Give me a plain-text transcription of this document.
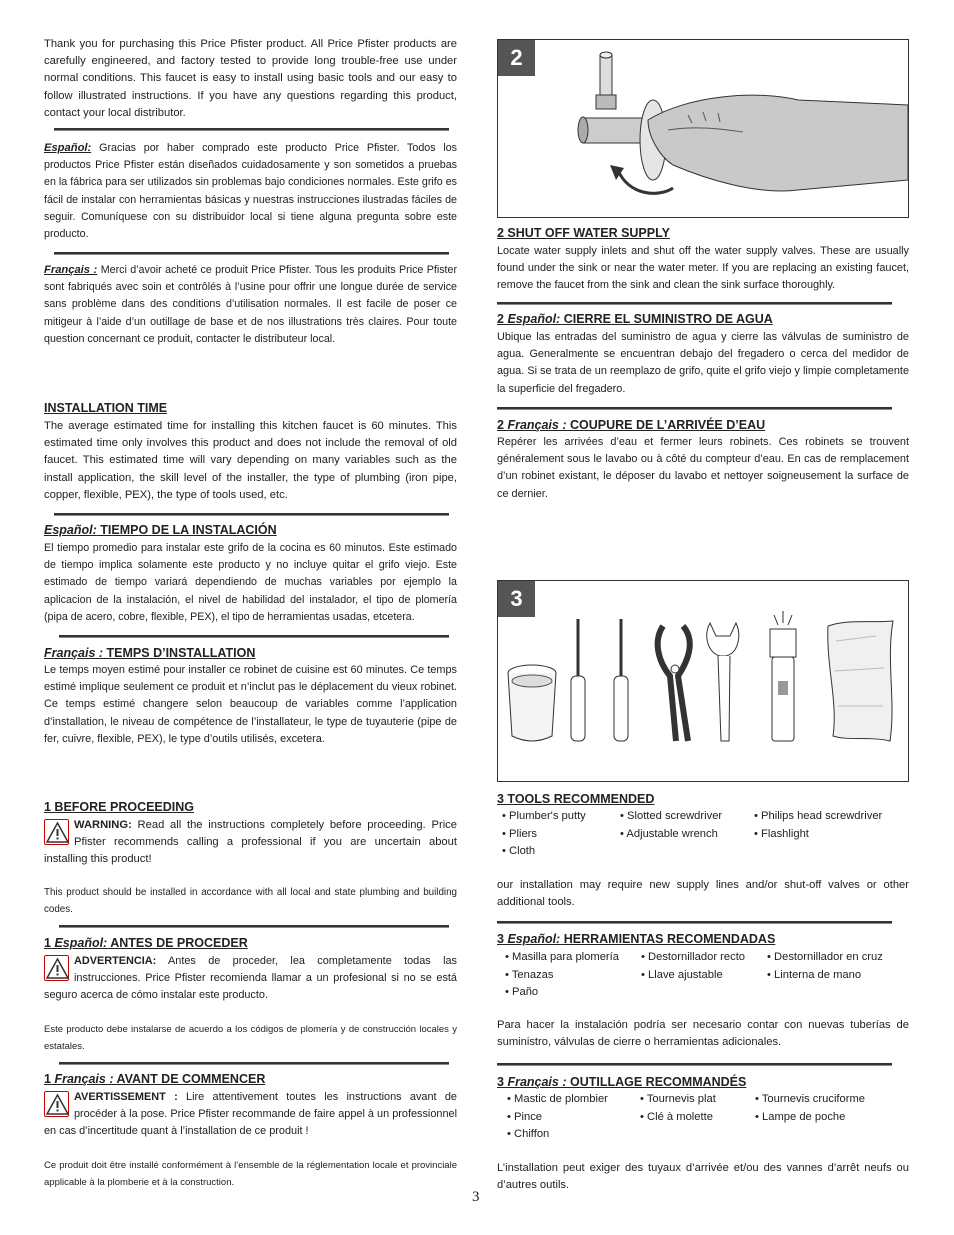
Thank you for purchasing this Price Pfister product. All Price Pfister products are carefully engineered, and factory tested to provide long trouble-free use under normal conditions. This faucet is easy to install using basic tools and our easy to follow illustrated instructions. If you have any questions regarding this product, contact your local distributor.

Español: Gracias por haber comprado este producto Price Pfister. Todos los productos Price Pfister están diseñados cuidadosamente y son sometidos a pruebas en la fábrica para ser utilizados sin problemas bajo condiciones normales. Este grifo es fácil de instalar con herramientas básicas y nuestras instrucciones ilustradas fáciles de seguir. Comuníquese con su distribuidor local si tiene alguna pregunta sobre este producto.

Français : Merci d’avoir acheté ce produit Price Pfister. Tous les produits Price Pfister sont fabriqués avec soin et contrôlés à l’usine pour offrir une longue durée de service sans problème dans des conditions d’utilisation normales. Il est facile de poser ce mitigeur à l’aide d’un outillage de base et de nos illustrations très claires. Pour toute question concernant ce produit, contacter le distributeur local.

INSTALLATION TIME

The average estimated time for installing this kitchen faucet is 60 minutes. This estimated time only involves this product and does not include the removal of old faucet. This estimated time will vary depending on many variables such as the install application, the skill level of the installer, the type of plumbing (iron pipe, copper, flexible, PEX), the type of tools used, etc.

Español: TIEMPO DE LA INSTALACIÓN

El tiempo promedio para instalar este grifo de la cocina es 60 minutos. Este estimado de tiempo implica solamente este producto y no incluye quitar el grifo viejo. Este estimado de tiempo variará dependiendo de muchas variables por ejemplo la aplicacion de la instalación, el nivel de habilidad del instalador, el tipo de plomería (pipa de acero, cobre, flexible, PEX), el tipo de herramientas usadas, etcetera.

Français : TEMPS D’INSTALLATION

Le temps moyen estimé pour installer ce robinet de cuisine est 60 minutes. Ce temps estimé implique seulement ce produit et n’inclut pas le déplacement du vieux robinet. Ce temps estimé changere selon beaucoup de variables comme l’application d’installation, le niveau de compétence de l’installateur, le type de tuyauterie (pipe de fer, cuivre, flexible, PEX), le type d’outils utilisés, excetera.

1 BEFORE PROCEEDING
WARNING: Read all the instructions completely before proceeding. Price Pfister recommends calling a professional if you are uncertain about installing this product!

This product should be installed in accordance with all local and state plumbing and building codes.

1 Español: ANTES DE PROCEDER
ADVERTENCIA: Antes de proceder, lea completamente todas las instrucciones. Price Pfister recomienda llamar a un profesional si no se está seguro acerca de cómo instalar este producto.

Este producto debe instalarse de acuerdo a los códigos de plomería y de construcción locales y estatales.

1 Français : AVANT DE COMMENCER
AVERTISSEMENT : Lire attentivement toutes les instructions avant de procéder à la pose. Price Pfister recommande de faire appel à un professionnel en cas d’incertitude quant à l’installation de ce produit !

Ce produit doit être installé conformément à l’ensemble de la réglementation locale et provinciale applicable à la plomberie et à la construction.

2
2 SHUT OFF WATER SUPPLY

Locate water supply inlets and shut off the water supply valves. These are usually found under the sink or near the water meter. If you are replacing an existing faucet, remove the faucet from the sink and clean the sink surface thoroughly.

2 Español: CIERRE EL SUMINISTRO DE AGUA

Ubique las entradas del suministro de agua y cierre las válvulas de suministro de agua. Generalmente se encuentran debajo del fregadero o cerca del medidor de agua. Si se trata de un reemplazo de grifo, quite el grifo viejo y limpie completamente la superficie del fregadero.

2 Français : COUPURE DE L’ARRIVÉE D’EAU

Repérer les arrivées d’eau et fermer leurs robinets. Ces robinets se trouvent généralement sous le lavabo ou à côté du compteur d’eau. En cas de remplacement d’un robinet existant, le déposer du lavabo et nettoyer soigneusement la surface de ce dernier.

3
3 TOOLS RECOMMENDED
• Plumber's putty	• Slotted screwdriver	• Philips head screwdriver
• Pliers	• Adjustable wrench	• Flashlight
• Cloth

our installation may require new supply lines and/or shut-off valves or other additional tools.

3 Español: HERRAMIENTAS RECOMENDADAS
• Masilla para plomería • Destornillador recto • Destornillador en cruz
• Tenazas	• Llave ajustable	• Linterna de mano
• Paño

Para hacer la instalación podría ser necesario contar con nuevas tuberías de suministro, válvulas de cierre o herramientas adicionales.

3 Français : OUTILLAGE RECOMMANDÉS
• Mastic de plombier	• Tournevis plat	• Tournevis cruciforme
• Pince	• Clé à molette	• Lampe de poche
• Chiffon

L’installation peut exiger des tuyaux d’arrivée et/ou des vannes d’arrêt neufs ou d’autres outils.

3
